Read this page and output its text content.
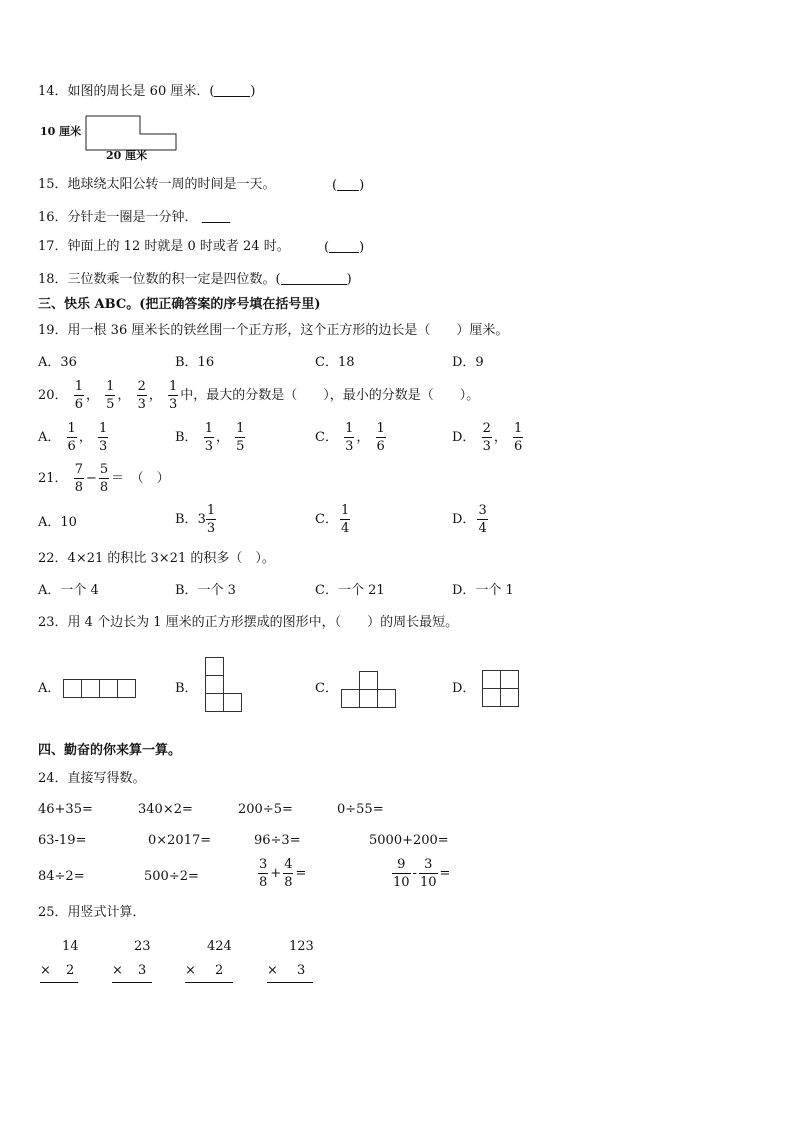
14．如图的周长是 60 厘米．(	)
10 厘米
20 厘米
15．地球绕太阳公转一周的时间是一天。	( )
16．分针走一圈是一分钟．
17．钟面上的 12 时就是 0 时或者 24 时。	( )
18．三位数乘一位数的积一定是四位数。(	)
三、快乐 ABC。(把正确答案的序号填在括号里)
19．用一根 36 厘米长的铁丝围一个正方形，这个正方形的边长是（　　）厘米。
A．36	B．16	C．18	D．9
20． $\frac{1}{6}$ ， $\frac{1}{5}$ ， $\frac{2}{3}$ ， $\frac{1}{3}$ 中，最大的分数是（　　），最小的分数是（　　）。
A． $\frac{1}{6}$ ， $\frac{1}{3}$	B． $\frac{1}{3}$ ， $\frac{1}{5}$	C． $\frac{1}{3}$ ， $\frac{1}{6}$	D． $\frac{2}{3}$ ， $\frac{1}{6}$
21． $\frac{7}{8} - \frac{5}{8}$ ＝　（　）
A．10	B．$3 \frac{1}{3}$	C． $\frac{1}{4}$	D． $\frac{3}{4}$
22．4×21 的积比 3×21 的积多（　）。
A．一个 4	B．一个 3	C．一个 21	D．一个 1
23．用 4 个边长为 1 厘米的正方形摆成的图形中，（　　）的周长最短。
A．	B．	C．	D．
四、勤奋的你来算一算。
24．直接写得数。
46+35=	340×2=	200÷5=	0÷55=
63-19=	0×2017=	96÷3=	5000+200=
84÷2=	500÷2=	$\frac{3}{8} + \frac{4}{8}$ =	$\frac{9}{10} - \frac{3}{10}$ =
25．用竖式计算．
14
× 2
23
× 3
424
× 2
123
× 3
